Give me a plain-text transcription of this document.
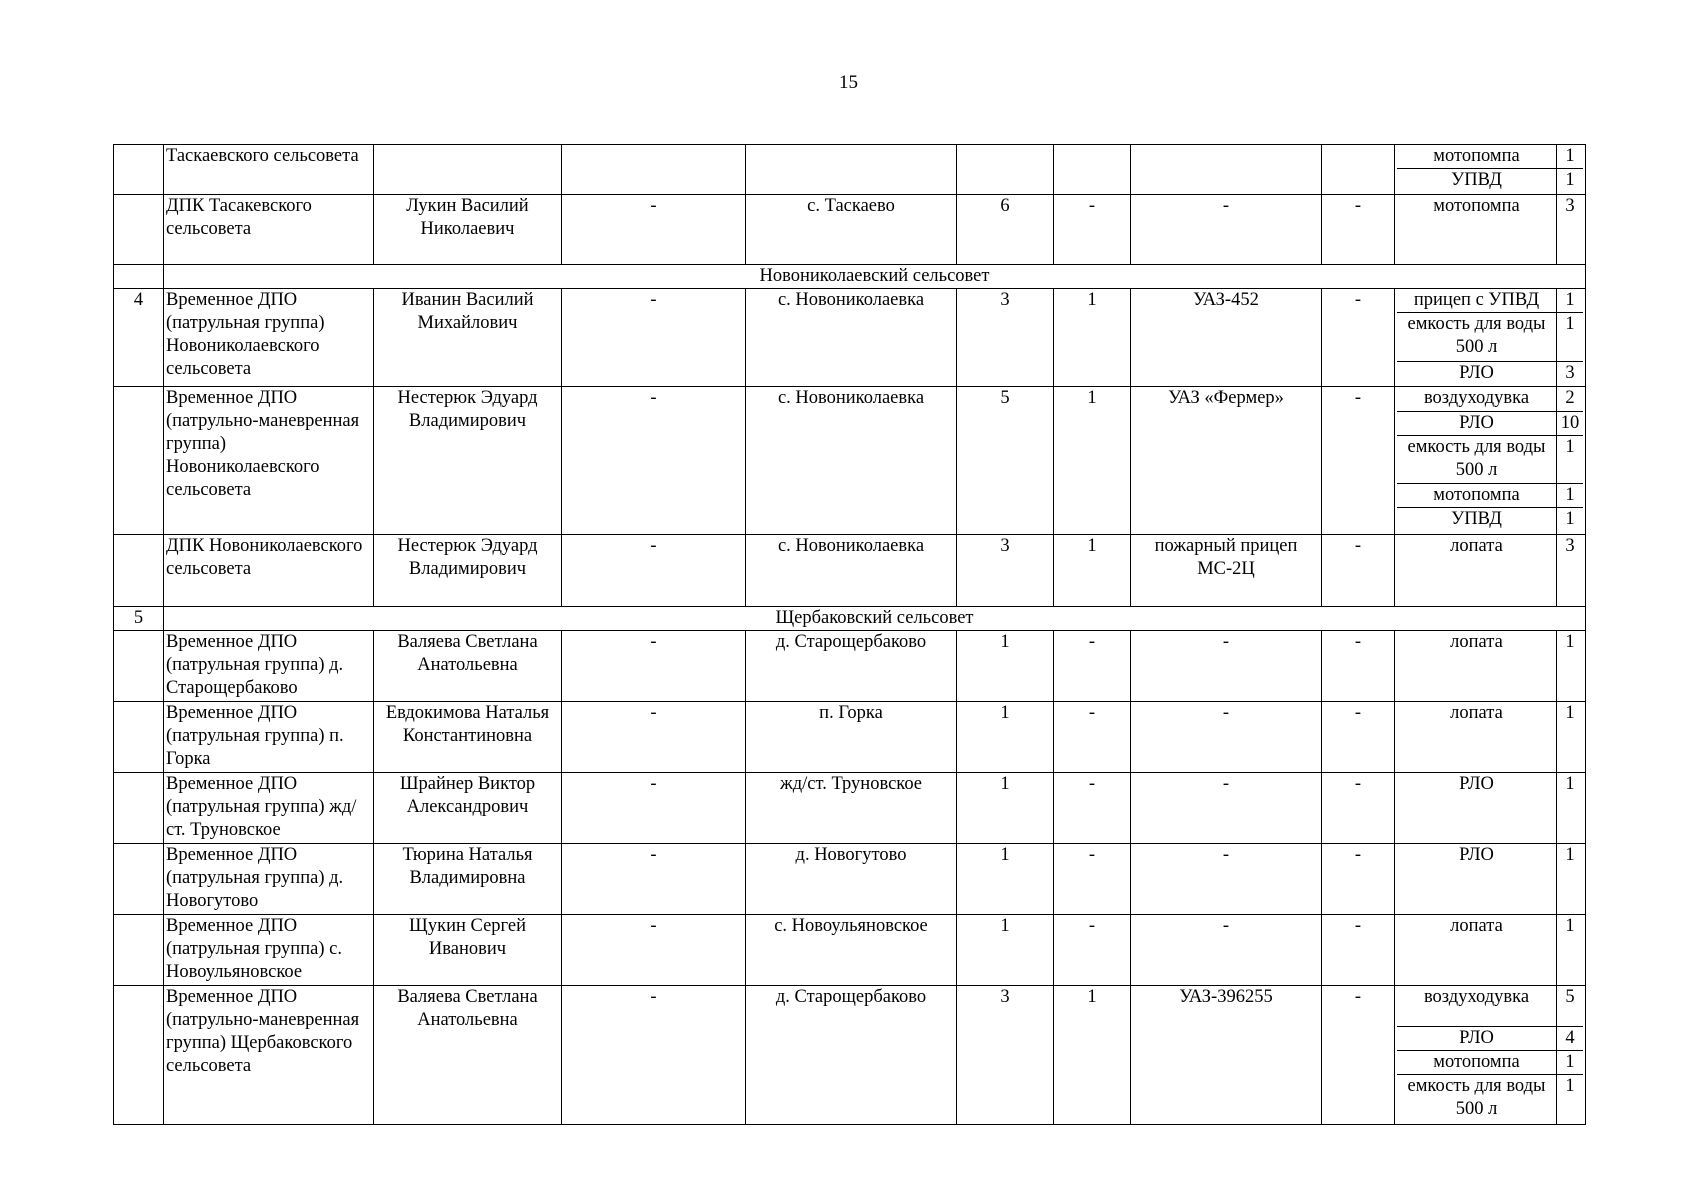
15
	Таскаевского сельсовета									мотопомпа	1
УПВД	1

	ДПК Тасакевского сельсовета	Лукин Василий Николаевич	-	с. Таскаево	6	-	-	-		мотопомпа	3

	Новониколаевский сельсовет
4	Временное ДПО (патрульная группа) Новониколаевского сельсовета	Иванин Василий Михайлович	-	с. Новониколаевка	3	1	УАЗ-452	-		прицеп с УПВД	1
емкость для воды 500 л	1
РЛО	3

	Временное ДПО (патрульно-маневренная группа) Новониколаевского сельсовета	Нестерюк Эдуард Владимирович	-	с. Новониколаевка	5	1	УАЗ «Фермер»	-		воздуходувка	2
РЛО	10
емкость для воды 500 л	1
мотопомпа	1
УПВД	1

	ДПК Новониколаевского сельсовета	Нестерюк Эдуард Владимирович	-	с. Новониколаевка	3	1	пожарный прицеп МС-2Ц	-		лопата	3

5	Щербаковский сельсовет
	Временное ДПО (патрульная группа) д. Старощербаково	Валяева Светлана Анатольевна	-	д. Старощербаково	1	-	-	-		лопата	1

	Временное ДПО (патрульная группа) п. Горка	Евдокимова Наталья Константиновна	-	п. Горка	1	-	-	-		лопата	1

	Временное ДПО (патрульная группа) жд/ст. Труновское	Шрайнер Виктор Александрович	-	жд/ст. Труновское	1	-	-	-		РЛО	1

	Временное ДПО (патрульная группа) д. Новогутово	Тюрина Наталья Владимировна	-	д. Новогутово	1	-	-	-		РЛО	1

	Временное ДПО (патрульная группа) с. Новоульяновское	Щукин Сергей Иванович	-	с. Новоульяновское	1	-	-	-		лопата	1

	Временное ДПО (патрульно-маневренная группа) Щербаковского сельсовета	Валяева Светлана Анатольевна	-	д. Старощербаково	3	1	УАЗ-396255	-		воздуходувка	5
РЛО	4
мотопомпа	1
емкость для воды 500 л	1
